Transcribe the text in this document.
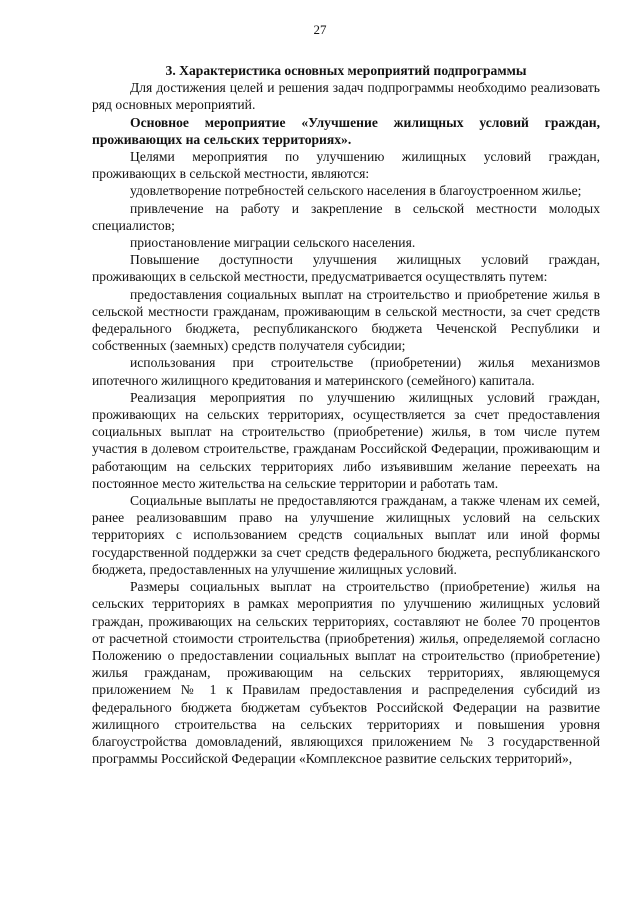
27
3. Характеристика основных мероприятий подпрограммы

Для достижения целей и решения задач подпрограммы необходимо реализовать ряд основных мероприятий.

Основное мероприятие «Улучшение жилищных условий граждан, проживающих на сельских территориях».

Целями мероприятия по улучшению жилищных условий граждан, проживающих в сельской местности, являются:

удовлетворение потребностей сельского населения в благоустроенном жилье;

привлечение на работу и закрепление в сельской местности молодых специалистов;

приостановление миграции сельского населения.

Повышение доступности улучшения жилищных условий граждан, проживающих в сельской местности, предусматривается осуществлять путем:

предоставления социальных выплат на строительство и приобретение жилья в сельской местности гражданам, проживающим в сельской местности, за счет средств федерального бюджета, республиканского бюджета Чеченской Республики и собственных (заемных) средств получателя субсидии;

использования при строительстве (приобретении) жилья механизмов ипотечного жилищного кредитования и материнского (семейного) капитала.

Реализация мероприятия по улучшению жилищных условий граждан, проживающих на сельских территориях, осуществляется за счет предоставления социальных выплат на строительство (приобретение) жилья, в том числе путем участия в долевом строительстве, гражданам Российской Федерации, проживающим и работающим на сельских территориях либо изъявившим желание переехать на постоянное место жительства на сельские территории и работать там.

Социальные выплаты не предоставляются гражданам, а также членам их семей, ранее реализовавшим право на улучшение жилищных условий на сельских территориях с использованием средств социальных выплат или иной формы государственной поддержки за счет средств федерального бюджета, республиканского бюджета, предоставленных на улучшение жилищных условий.

Размеры социальных выплат на строительство (приобретение) жилья на сельских территориях в рамках мероприятия по улучшению жилищных условий граждан, проживающих на сельских территориях, составляют не более 70 процентов от расчетной стоимости строительства (приобретения) жилья, определяемой согласно Положению о предоставлении социальных выплат на строительство (приобретение) жилья гражданам, проживающим на сельских территориях, являющемуся приложением № 1 к Правилам предоставления и распределения субсидий из федерального бюджета бюджетам субъектов Российской Федерации на развитие жилищного строительства на сельских территориях и повышения уровня благоустройства домовладений, являющихся приложением № 3 государственной программы Российской Федерации «Комплексное развитие сельских территорий»,
